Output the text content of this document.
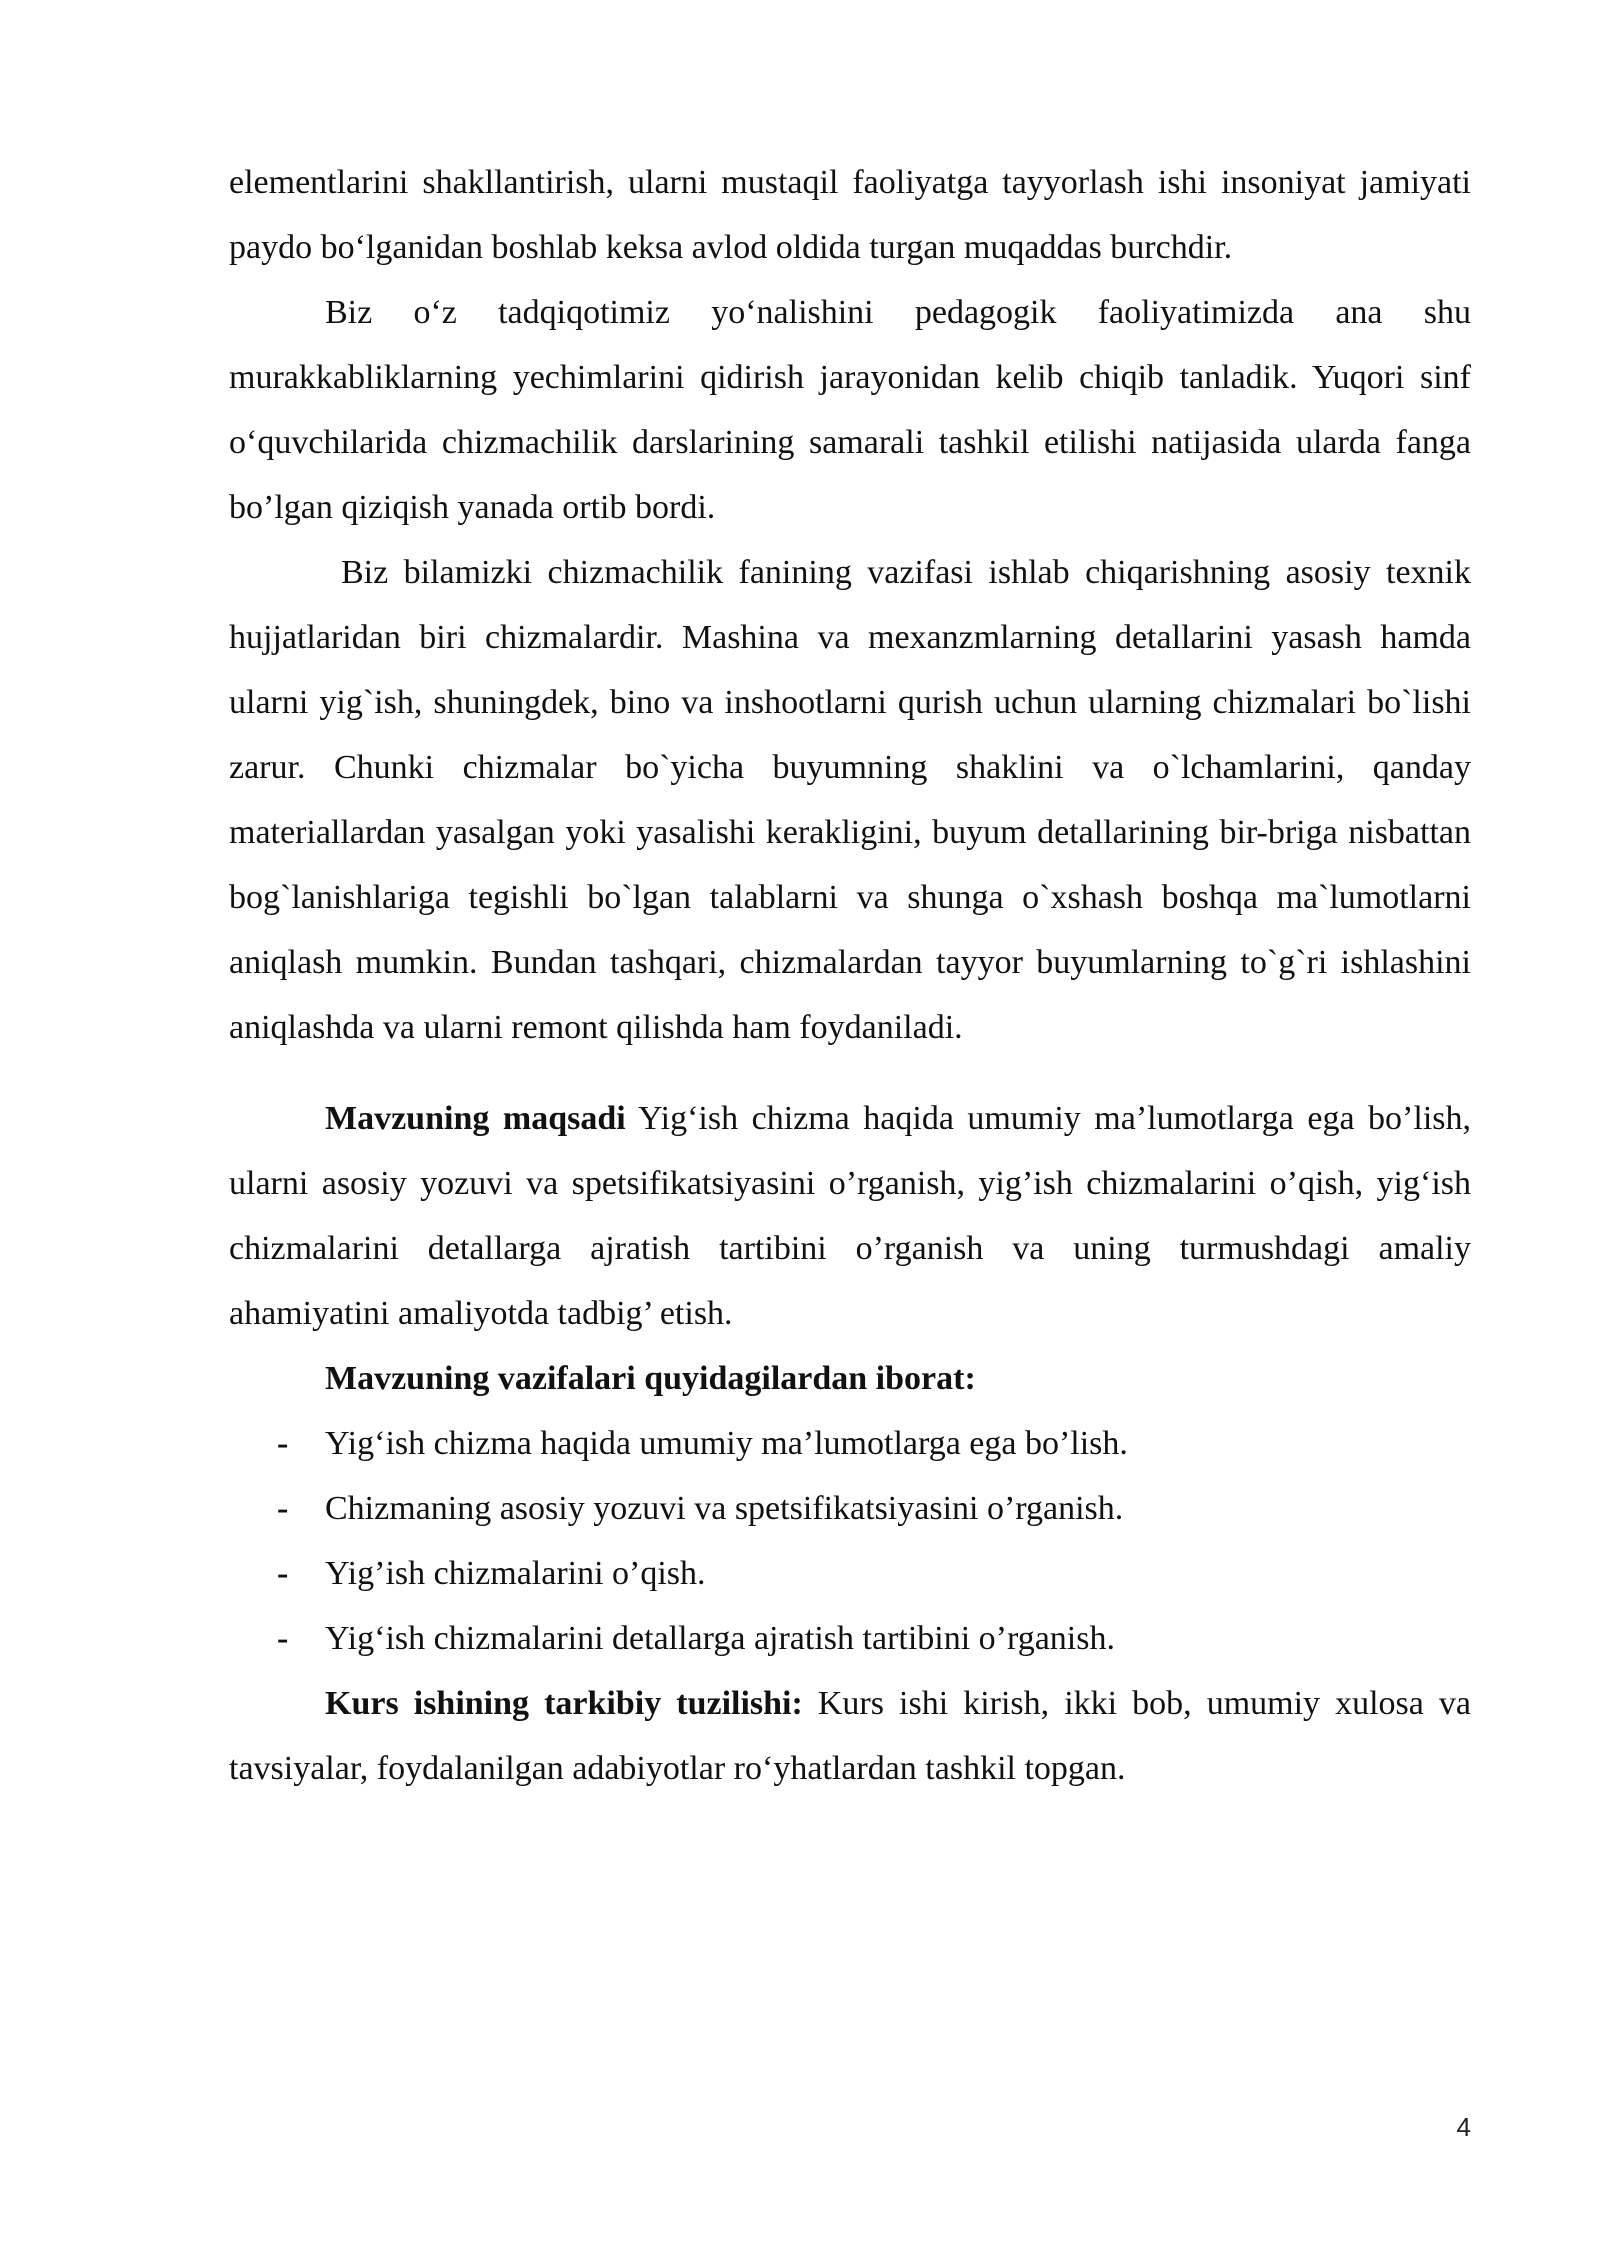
elementlarini shakllantirish, ularni mustaqil faoliyatga tayyorlash ishi insoniyat jamiyati paydo bo‘lganidan boshlab keksa avlod oldida turgan muqaddas burchdir.

Biz o‘z tadqiqotimiz yo‘nalishini pedagogik faoliyatimizda ana shu murakkabliklarning yechimlarini qidirish jarayonidan kelib chiqib tanladik. Yuqori sinf o‘quvchilarida chizmachilik darslarining samarali tashkil etilishi natijasida ularda fanga bo’lgan qiziqish yanada ortib bordi.

Biz bilamizki chizmachilik fanining vazifasi ishlab chiqarishning asosiy texnik hujjatlaridan biri chizmalardir. Mashina va mexanzmlarning detallarini yasash hamda ularni yig`ish, shuningdek, bino va inshootlarni qurish uchun ularning chizmalari bo`lishi zarur. Chunki chizmalar bo`yicha buyumning shaklini va o`lchamlarini, qanday materiallardan yasalgan yoki yasalishi kerakligini, buyum detallarining bir-briga nisbattan bog`lanishlariga tegishli bo`lgan talablarni va shunga o`xshash boshqa ma`lumotlarni aniqlash mumkin. Bundan tashqari, chizmalardan tayyor buyumlarning to`g`ri ishlashini aniqlashda va ularni remont qilishda ham foydaniladi.

Mavzuning maqsadi Yig‘ish chizma haqida umumiy ma’lumotlarga ega bo’lish, ularni asosiy yozuvi va spetsifikatsiyasini o’rganish, yig’ish chizmalarini o’qish, yig‘ish chizmalarini detallarga ajratish tartibini o’rganish va uning turmushdagi amaliy ahamiyatini amaliyotda tadbig’ etish.

Mavzuning vazifalari quyidagilardan iborat:

- Yig‘ish chizma haqida umumiy ma’lumotlarga ega bo’lish.
- Chizmaning asosiy yozuvi va spetsifikatsiyasini o’rganish.
- Yig’ish chizmalarini o’qish.
- Yig‘ish chizmalarini detallarga ajratish tartibini o’rganish.

Kurs ishining tarkibiy tuzilishi: Kurs ishi kirish, ikki bob, umumiy xulosa va tavsiyalar, foydalanilgan adabiyotlar ro‘yhatlardan tashkil topgan.

4
